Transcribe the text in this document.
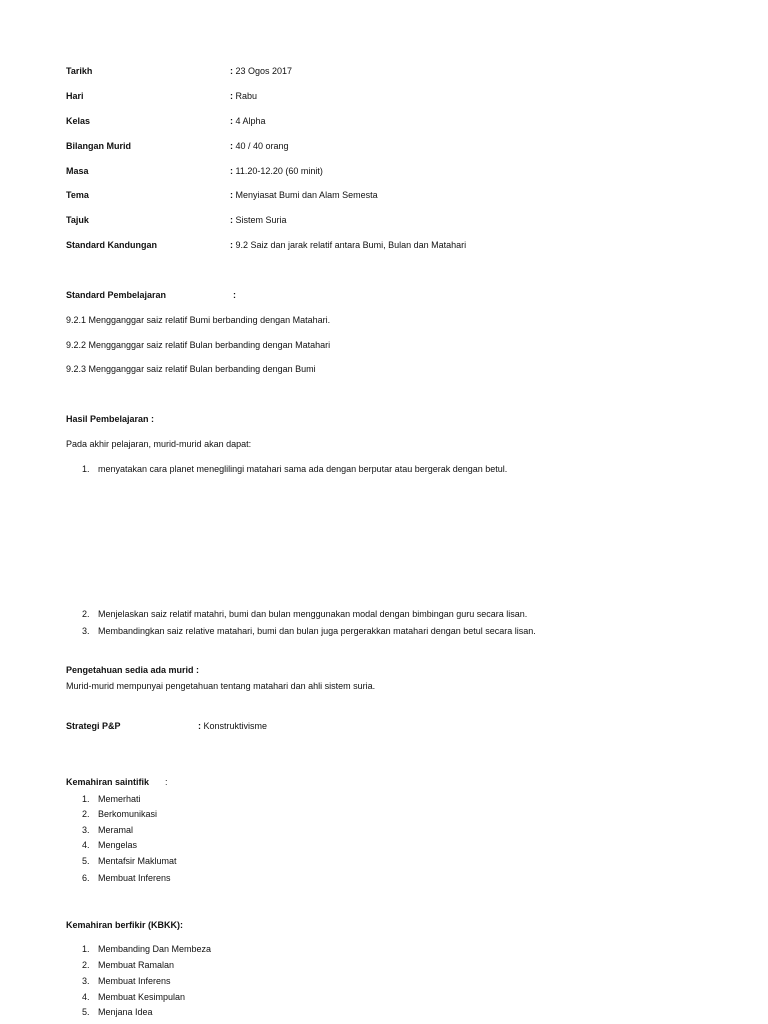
Tarikh	: 23 Ogos 2017
Hari	: Rabu
Kelas	: 4 Alpha
Bilangan Murid	: 40 / 40 orang
Masa	: 11.20-12.20 (60 minit)
Tema	: Menyiasat Bumi dan Alam Semesta
Tajuk	: Sistem Suria
Standard Kandungan	: 9.2 Saiz dan jarak relatif antara Bumi, Bulan dan Matahari
Standard Pembelajaran	:
9.2.1 Mengganggar saiz relatif Bumi berbanding dengan Matahari.
9.2.2 Mengganggar saiz relatif Bulan berbanding dengan Matahari
9.2.3 Mengganggar saiz relatif Bulan berbanding dengan Bumi
Hasil Pembelajaran :
Pada akhir pelajaran, murid-murid akan dapat:
1. menyatakan cara planet meneglilingi matahari sama ada dengan berputar atau bergerak dengan betul.
2. Menjelaskan saiz relatif matahri, bumi dan bulan menggunakan modal dengan bimbingan guru secara lisan.
3. Membandingkan saiz relative matahari, bumi dan bulan juga pergerakkan matahari dengan betul secara lisan.
Pengetahuan sedia ada murid :
Murid-murid mempunyai pengetahuan tentang matahari dan ahli sistem suria.
Strategi P&P	: Konstruktivisme
Kemahiran saintifik :
1. Memerhati
2. Berkomunikasi
3. Meramal
4. Mengelas
5. Mentafsir Maklumat
6. Membuat Inferens
Kemahiran berfikir (KBKK):
1. Membanding Dan Membeza
2. Membuat Ramalan
3. Membuat Inferens
4. Membuat Kesimpulan
5. Menjana Idea
